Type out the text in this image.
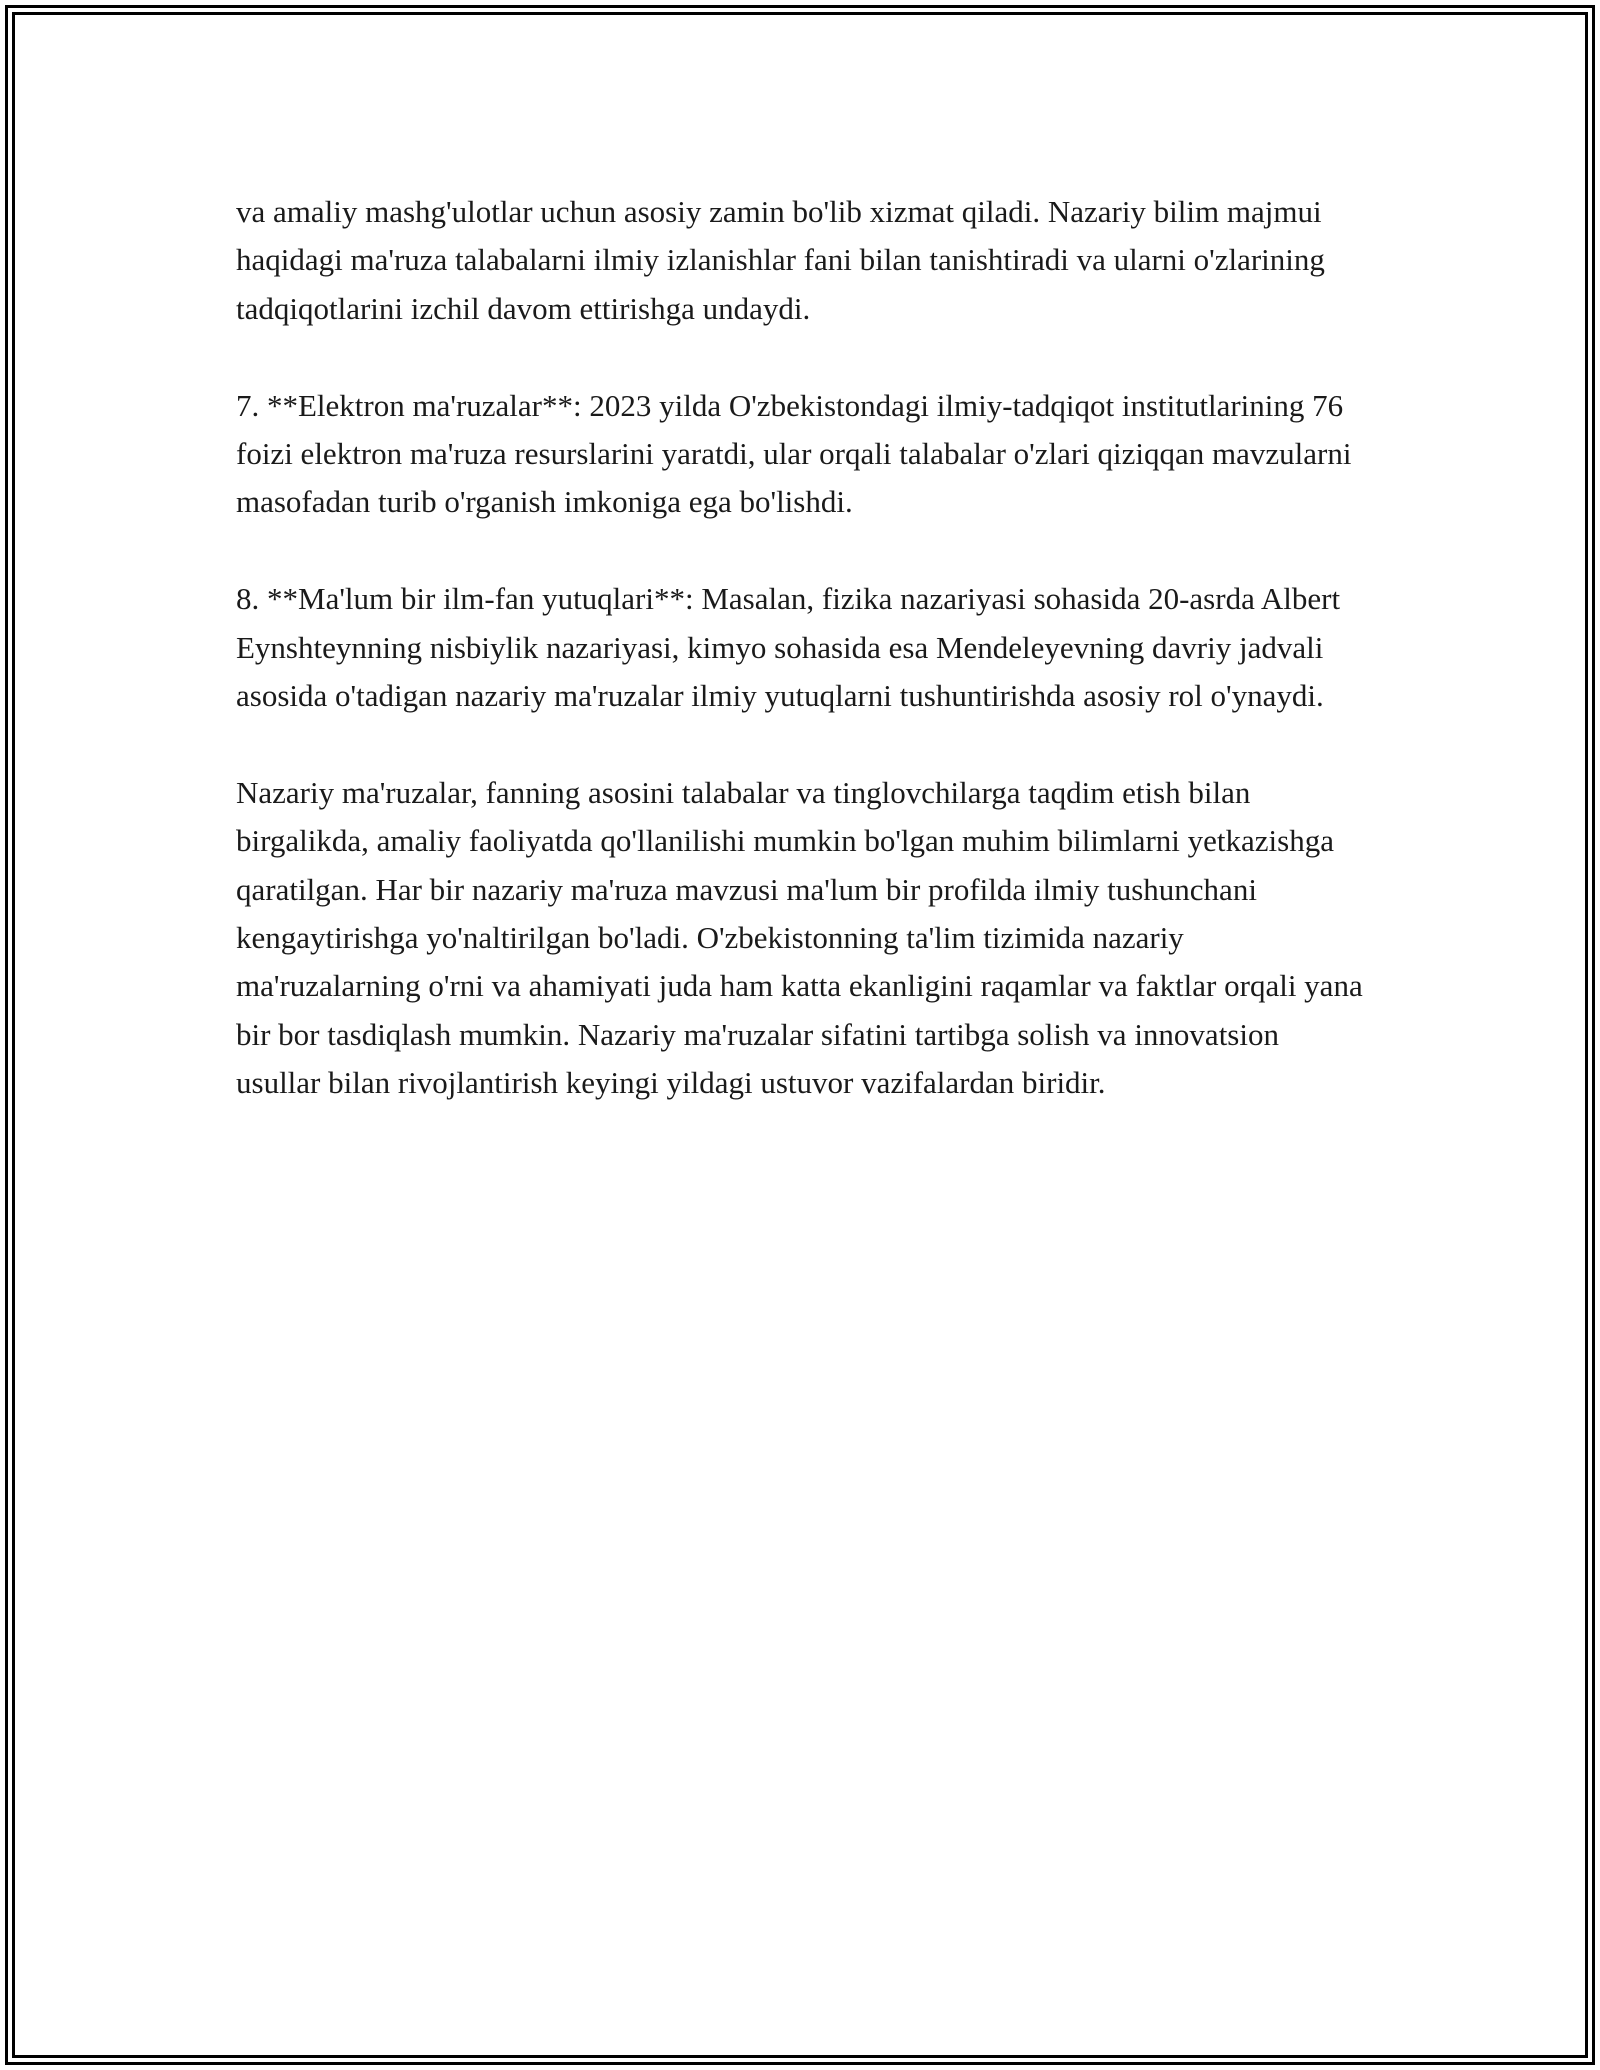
va amaliy mashg'ulotlar uchun asosiy zamin bo'lib xizmat qiladi. Nazariy bilim majmui haqidagi ma'ruza talabalarni ilmiy izlanishlar fani bilan tanishtiradi va ularni o'zlarining tadqiqotlarini izchil davom ettirishga undaydi.

7. **Elektron ma'ruzalar**: 2023 yilda O'zbekistondagi ilmiy-tadqiqot institutlarining 76 foizi elektron ma'ruza resurslarini yaratdi, ular orqali talabalar o'zlari qiziqqan mavzularni masofadan turib o'rganish imkoniga ega bo'lishdi.

8. **Ma'lum bir ilm-fan yutuqlari**: Masalan, fizika nazariyasi sohasida 20-asrda Albert Eynshteynning nisbiylik nazariyasi, kimyo sohasida esa Mendeleyevning davriy jadvali asosida o'tadigan nazariy ma'ruzalar ilmiy yutuqlarni tushuntirishda asosiy rol o'ynaydi.

Nazariy ma'ruzalar, fanning asosini talabalar va tinglovchilarga taqdim etish bilan birgalikda, amaliy faoliyatda qo'llanilishi mumkin bo'lgan muhim bilimlarni yetkazishga qaratilgan. Har bir nazariy ma'ruza mavzusi ma'lum bir profilda ilmiy tushunchani kengaytirishga yo'naltirilgan bo'ladi. O'zbekistonning ta'lim tizimida nazariy ma'ruzalarning o'rni va ahamiyati juda ham katta ekanligini raqamlar va faktlar orqali yana bir bor tasdiqlash mumkin. Nazariy ma'ruzalar sifatini tartibga solish va innovatsion usullar bilan rivojlantirish keyingi yildagi ustuvor vazifalardan biridir.
